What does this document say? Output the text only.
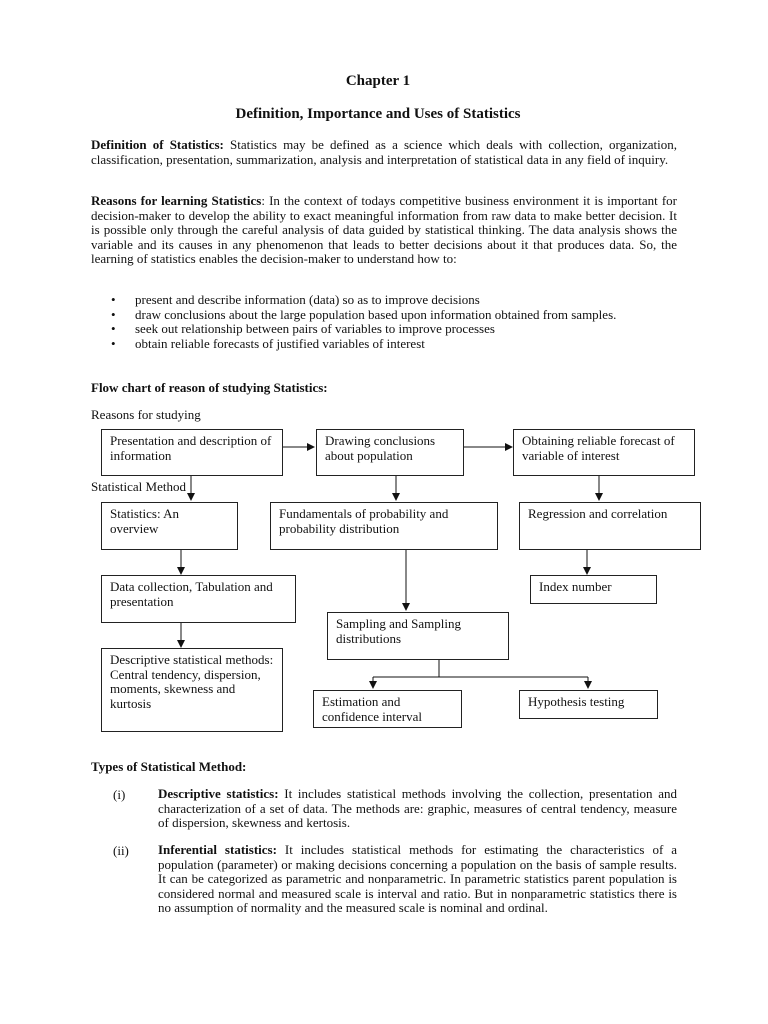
Chapter 1
Definition, Importance and Uses of Statistics
Definition of Statistics: Statistics may be defined as a science which deals with collection, organization, classification, presentation, summarization, analysis and interpretation of statistical data in any field of inquiry.
Reasons for learning Statistics: In the context of todays competitive business environment it is important for decision-maker to develop the ability to exact meaningful information from raw data to make better decision. It is possible only through the careful analysis of data guided by statistical thinking. The data analysis shows the variable and its causes in any phenomenon that leads to better decisions about it that produces data. So, the learning of statistics enables the decision-maker to understand how to:
• present and describe information (data) so as to improve decisions
• draw conclusions about the large population based upon information obtained from samples.
• seek out relationship between pairs of variables to improve processes
• obtain reliable forecasts of justified variables of interest
Flow chart of reason of studying Statistics:
Reasons for studying
Statistical Method
Presentation and description of information
Drawing conclusions about population
Obtaining reliable forecast of variable of interest
Statistics: An overview
Fundamentals of probability and probability distribution
Regression and correlation
Data collection, Tabulation and presentation
Index number
Sampling and Sampling distributions
Descriptive statistical methods: Central tendency, dispersion, moments, skewness and kurtosis	Estimation and confidence interval
Hypothesis testing
Types of Statistical Method:
(i)	Descriptive statistics: It includes statistical methods involving the collection, presentation and characterization of a set of data. The methods are: graphic, measures of central tendency, measure of dispersion, skewness and kertosis.
(ii) Inferential statistics: It includes statistical methods for estimating the characteristics of a population (parameter) or making decisions concerning a population on the basis of sample results. It can be categorized as parametric and nonparametric. In parametric statistics parent population is considered normal and measured scale is interval and ratio. But in nonparametric statistics there is no assumption of normality and the measured scale is nominal and ordinal.
